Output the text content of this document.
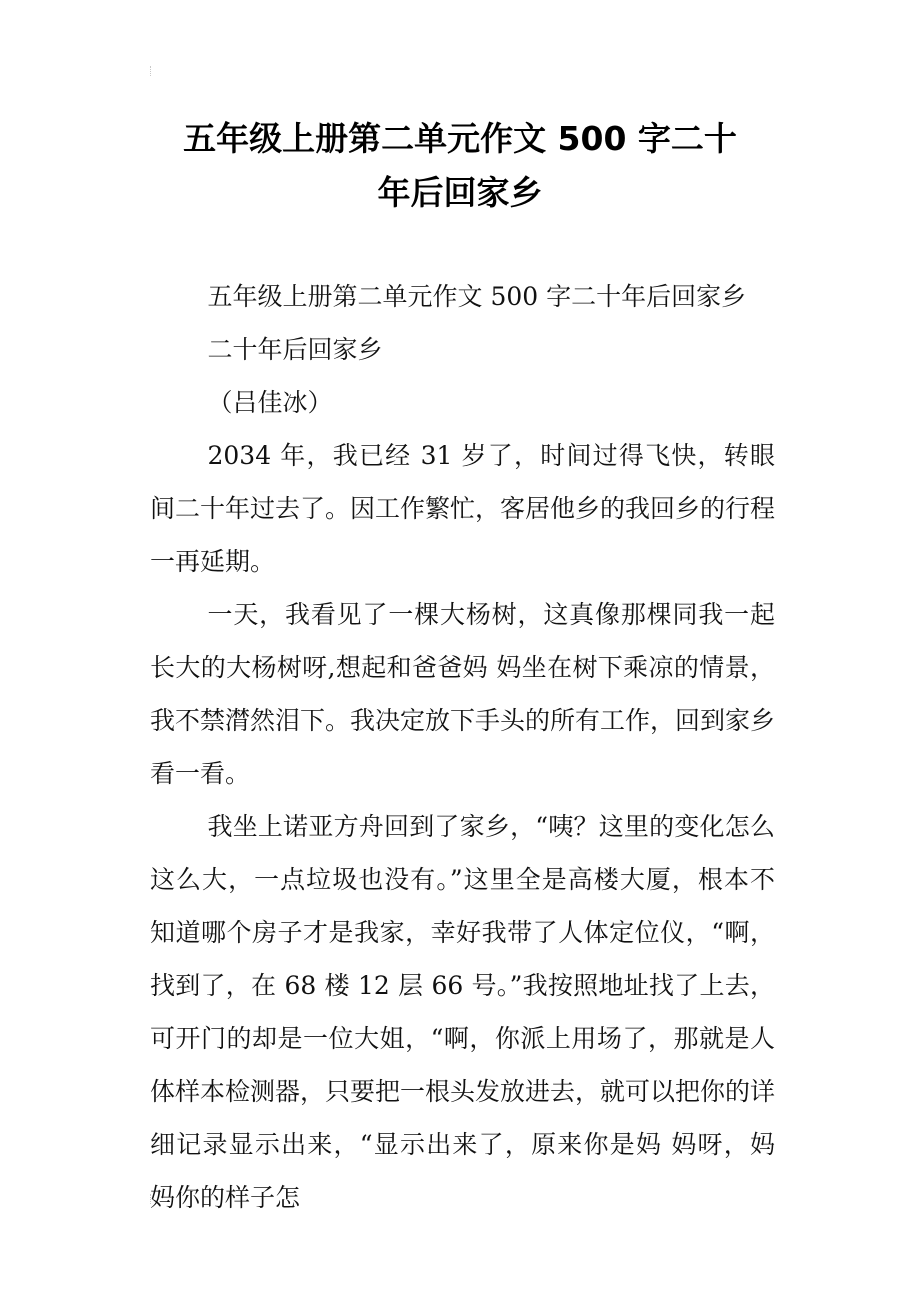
五年级上册第二单元作文 500 字二十
年后回家乡

五年级上册第二单元作文 500 字二十年后回家乡

二十年后回家乡

（吕佳冰）

2034 年，我已经 31 岁了，时间过得飞快，转眼间二十年过去了。因工作繁忙，客居他乡的我回乡的行程一再延期。

一天，我看见了一棵大杨树，这真像那棵同我一起长大的大杨树呀,想起和爸爸妈 妈坐在树下乘凉的情景，我不禁潸然泪下。我决定放下手头的所有工作，回到家乡看一看。

我坐上诺亚方舟回到了家乡，“咦？这里的变化怎么这么大，一点垃圾也没有。”这里全是高楼大厦，根本不知道哪个房子才是我家，幸好我带了人体定位仪，“啊，找到了，在 68 楼 12 层 66 号。”我按照地址找了上去，可开门的却是一位大姐，“啊，你派上用场了，那就是人体样本检测器，只要把一根头发放进去，就可以把你的详细记录显示出来，“显示出来了，原来你是妈 妈呀，妈 妈你的样子怎
